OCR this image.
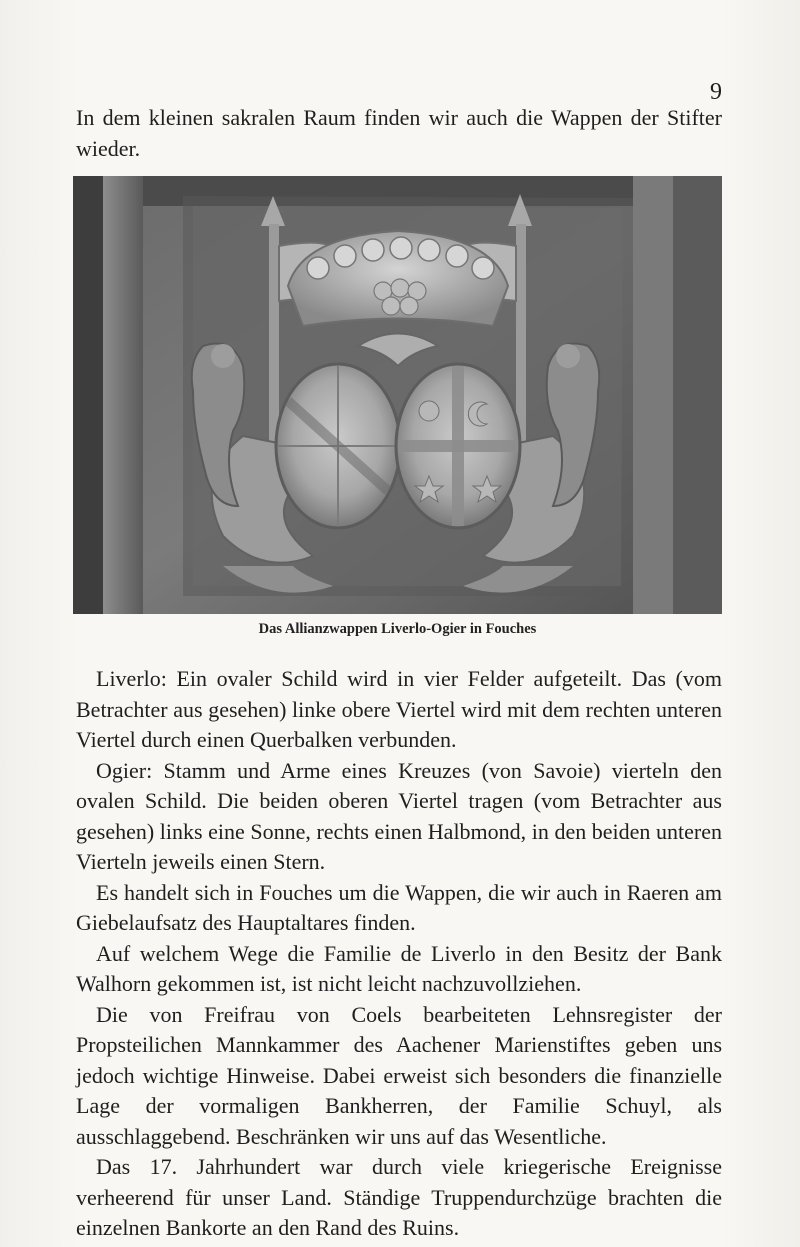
9

In dem kleinen sakralen Raum finden wir auch die Wappen der Stifter wieder.

Das Allianzwappen Liverlo-Ogier in Fouches

Liverlo: Ein ovaler Schild wird in vier Felder aufgeteilt. Das (vom Betrachter aus gesehen) linke obere Viertel wird mit dem rechten unteren Viertel durch einen Querbalken verbunden.

Ogier: Stamm und Arme eines Kreuzes (von Savoie) vierteln den ovalen Schild. Die beiden oberen Viertel tragen (vom Betrachter aus gesehen) links eine Sonne, rechts einen Halbmond, in den beiden unteren Vierteln jeweils einen Stern.

Es handelt sich in Fouches um die Wappen, die wir auch in Raeren am Giebelaufsatz des Hauptaltares finden.

Auf welchem Wege die Familie de Liverlo in den Besitz der Bank Walhorn gekommen ist, ist nicht leicht nachzuvollziehen.

Die von Freifrau von Coels bearbeiteten Lehnsregister der Propsteilichen Mannkammer des Aachener Marienstiftes geben uns jedoch wichtige Hinweise. Dabei erweist sich besonders die finanzielle Lage der vormaligen Bankherren, der Familie Schuyl, als ausschlaggebend. Beschränken wir uns auf das Wesentliche.

Das 17. Jahrhundert war durch viele kriegerische Ereignisse verheerend für unser Land. Ständige Truppendurchzüge brachten die einzelnen Bankorte an den Rand des Ruins.
